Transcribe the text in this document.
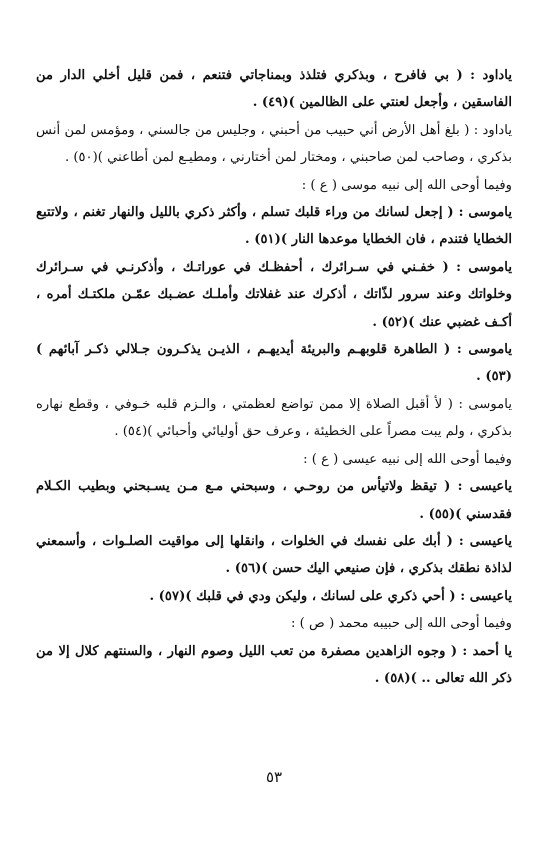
ياداود : ( بي فافرح ، وبذكري فتلذذ وبمناجاتي فتنعم ، فمن قليل أخلي الدار من الفاسقين ، وأجعل لعنتي على الظالمين )(٤٩) .

ياداود : ( بلغ أهل الأرض أني حبيب من أحبني ، وجليس من جالسني ، ومؤمس لمن أنس بذكري ، وصاحب لمن صاحبني ، ومختار لمن أختارني ، ومطيـع لمن أطاعني )(٥٠) .

وفيما أوحى الله إلى نبيه موسى ( ع ) :

ياموسى : ( إجعل لسانك من وراء قلبك تسلم ، وأكثر ذكري بالليل والنهار تغنم ، ولاتتبع الخطايا فتندم ، فان الخطايا موعدها النار )(٥١) .

ياموسى : ( خفـني في سـرائرك ، أحفظـك في عوراتـك ، وأذكرنـي في سـرائرك وخلواتك وعند سرور لذّاتك ، أذكرك عند غفلاتك وأملـك عضـبك عمّـن ملكتـك أمره ، أكـف غضبي عنك )(٥٢) .

ياموسى : ( الطاهرة قلوبهـم والبريئة أيديهـم ، الذيـن يذكـرون جـلالي ذكـر آبائهم )(٥٣) .

ياموسى : ( لأ أقبل الصلاة إلا ممن تواضع لعظمتي ، والـزم قلبه خـوفي ، وقطع نهاره بذكري ، ولم يبت مصراً على الخطيئة ، وعرف حق أوليائي وأحبائي )(٥٤) .

وفيما أوحى الله إلى نبيه عيسى ( ع ) :

ياعيسى : ( تيقظ ولاتيأس من روحـي ، وسبحني مـع مـن يسـبحني وبطيب الكـلام فقدسني )(٥٥) .

ياعيسى : ( أبك على نفسك في الخلوات ، وانقلها إلى مواقيت الصلـوات ، وأسمعني لذاذة نطقك بذكري ، فإن صنيعي اليك حسن )(٥٦) .

ياعيسى : ( أحي ذكري على لسانك ، وليكن ودي في قلبك )(٥٧) .

وفيما أوحى الله إلى حبيبه محمد ( ص ) :

يا أحمد : ( وجوه الزاهدين مصفرة من تعب الليل وصوم النهار ، والسنتهم كلال إلا من ذكر الله تعالى .. )(٥٨) .

٥٣
